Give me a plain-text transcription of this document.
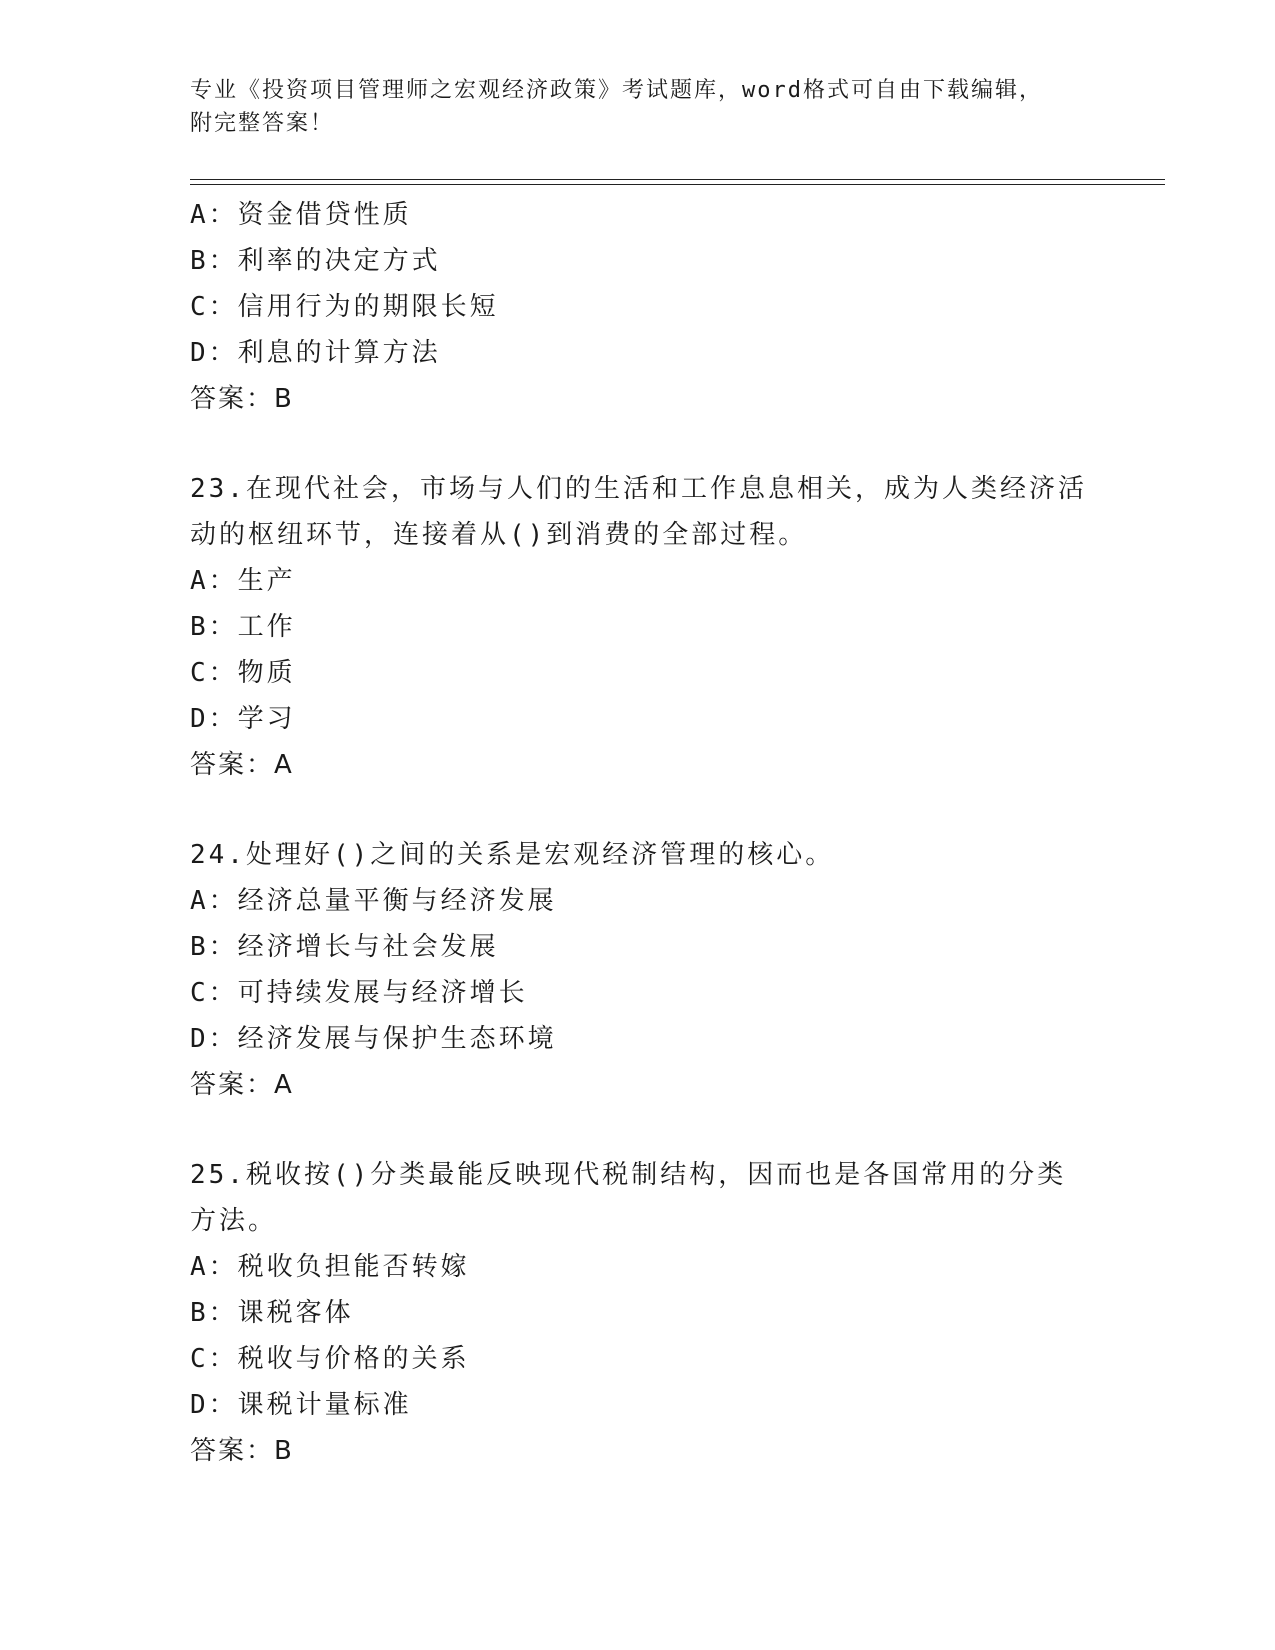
专业《投资项目管理师之宏观经济政策》考试题库，word格式可自由下载编辑，
附完整答案！
A：资金借贷性质
B：利率的决定方式
C：信用行为的期限长短
D：利息的计算方法
答案：B
23.在现代社会，市场与人们的生活和工作息息相关，成为人类经济活动的枢纽环节，连接着从()到消费的全部过程。
A：生产
B：工作
C：物质
D：学习
答案：A
24.处理好()之间的关系是宏观经济管理的核心。
A：经济总量平衡与经济发展
B：经济增长与社会发展
C：可持续发展与经济增长
D：经济发展与保护生态环境
答案：A
25.税收按()分类最能反映现代税制结构，因而也是各国常用的分类方法。
A：税收负担能否转嫁
B：课税客体
C：税收与价格的关系
D：课税计量标准
答案：B
